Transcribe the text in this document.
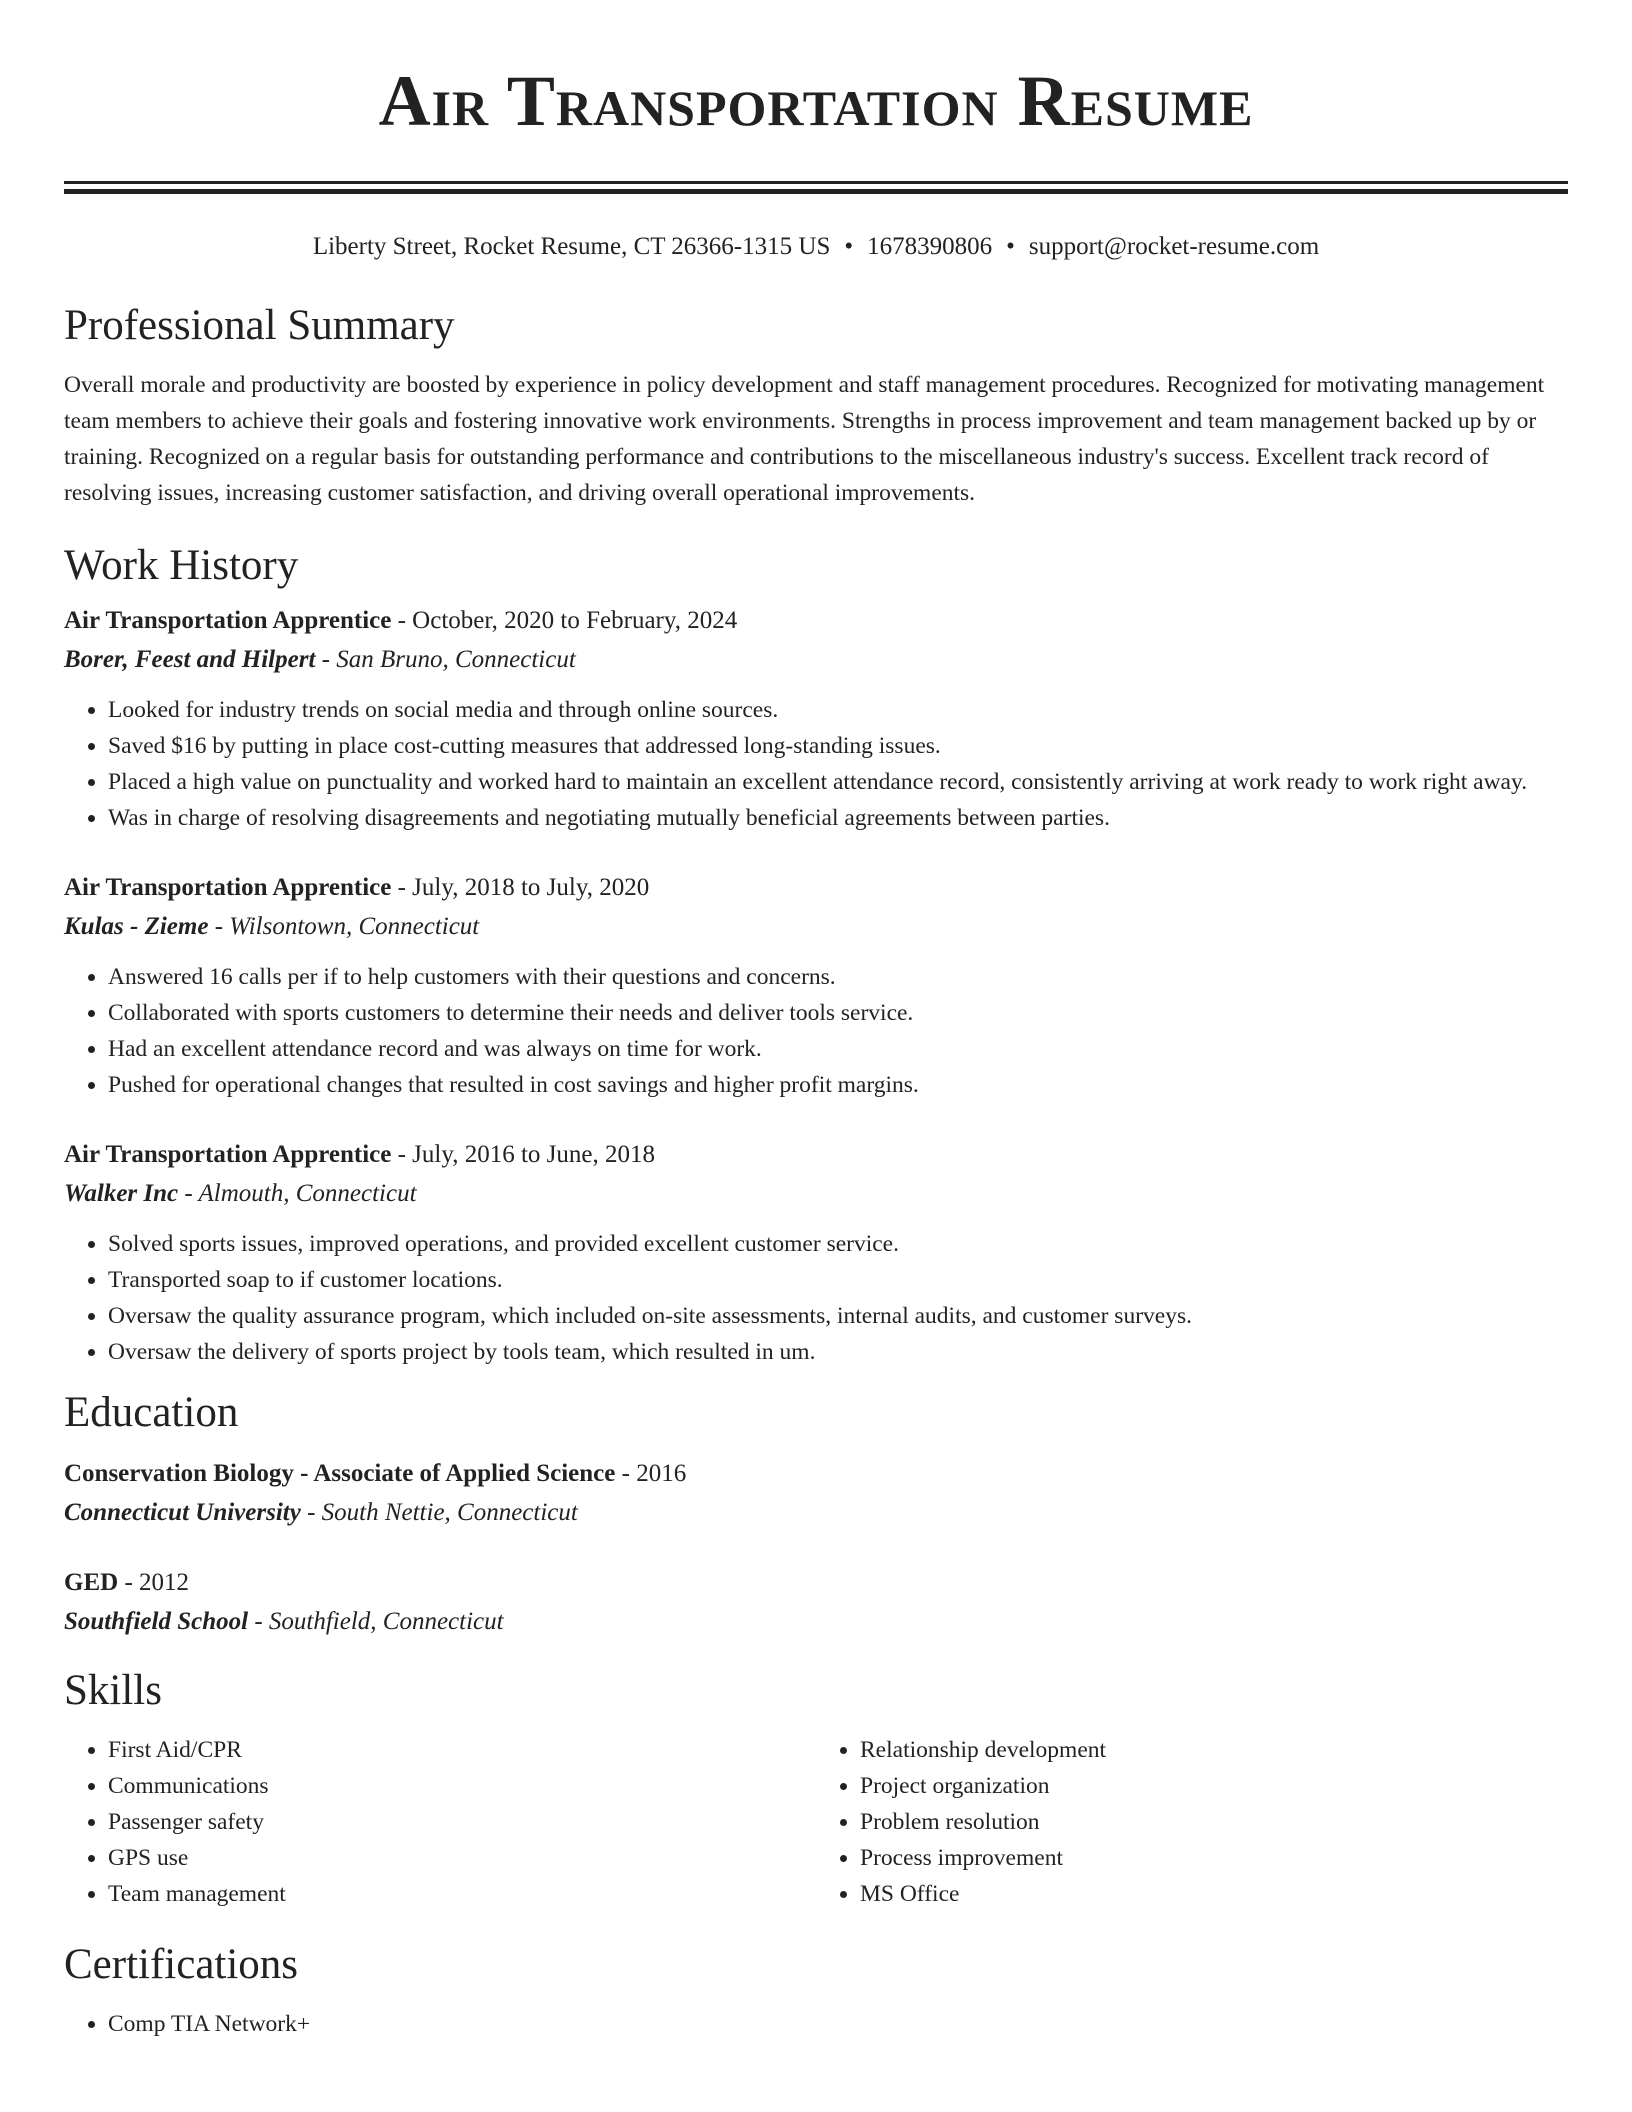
Air Transportation Resume
Liberty Street, Rocket Resume, CT 26366-1315 US • 1678390806 • support@rocket-resume.com
Professional Summary

Overall morale and productivity are boosted by experience in policy development and staff management procedures. Recognized for motivating management team members to achieve their goals and fostering innovative work environments. Strengths in process improvement and team management backed up by or training. Recognized on a regular basis for outstanding performance and contributions to the miscellaneous industry's success. Excellent track record of resolving issues, increasing customer satisfaction, and driving overall operational improvements.

Work History
Air Transportation Apprentice - October, 2020 to February, 2024
Borer, Feest and Hilpert - San Bruno, Connecticut
• Looked for industry trends on social media and through online sources.
• Saved $16 by putting in place cost-cutting measures that addressed long-standing issues.
• Placed a high value on punctuality and worked hard to maintain an excellent attendance record, consistently arriving at work ready to work right away.
• Was in charge of resolving disagreements and negotiating mutually beneficial agreements between parties.
Air Transportation Apprentice - July, 2018 to July, 2020
Kulas - Zieme - Wilsontown, Connecticut
• Answered 16 calls per if to help customers with their questions and concerns.
• Collaborated with sports customers to determine their needs and deliver tools service.
• Had an excellent attendance record and was always on time for work.
• Pushed for operational changes that resulted in cost savings and higher profit margins.
Air Transportation Apprentice - July, 2016 to June, 2018
Walker Inc - Almouth, Connecticut
• Solved sports issues, improved operations, and provided excellent customer service.
• Transported soap to if customer locations.
• Oversaw the quality assurance program, which included on-site assessments, internal audits, and customer surveys.
• Oversaw the delivery of sports project by tools team, which resulted in um.
Education
Conservation Biology - Associate of Applied Science - 2016
Connecticut University - South Nettie, Connecticut
GED - 2012
Southfield School - Southfield, Connecticut
Skills
• First Aid/CPR
• Communications
• Passenger safety
• GPS use
• Team management
• Relationship development
• Project organization
• Problem resolution
• Process improvement
• MS Office
Certifications
• Comp TIA Network+
